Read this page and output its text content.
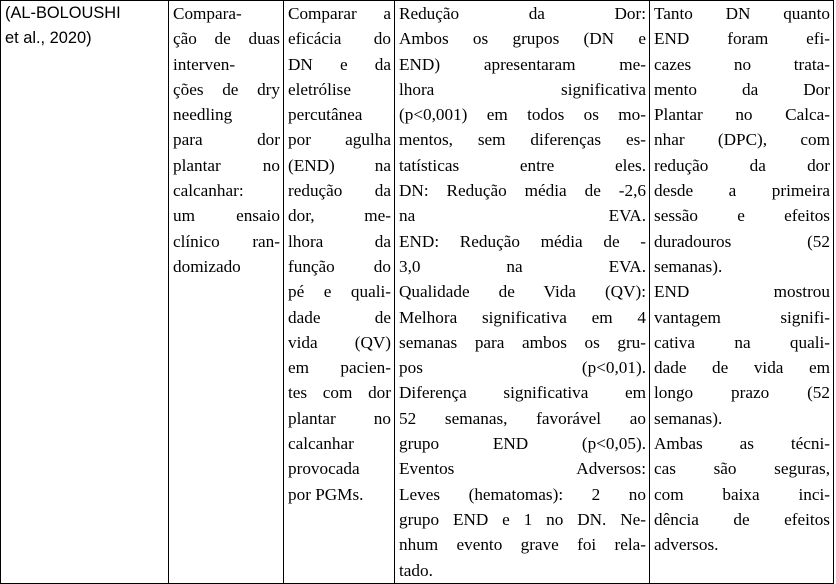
(AL-BOLOUSHI
et al., 2020)

Compara-
ção de duas
interven-
ções de dry
needling
para dor
plantar no
calcanhar:
um ensaio
clínico ran-
domizado

Comparar a
eficácia do
DN e da
eletrólise
percutânea
por agulha
(END) na
redução da
dor, me-
lhora da
função do
pé e quali-
dade de
vida (QV)
em pacien-
tes com dor
plantar no
calcanhar
provocada
por PGMs.

Redução da Dor:
Ambos os grupos (DN e
END) apresentaram me-
lhora significativa
(p<0,001) em todos os mo-
mentos, sem diferenças es-
tatísticas entre eles.
DN: Redução média de -2,6
na EVA.
END: Redução média de -
3,0 na EVA.
Qualidade de Vida (QV):
Melhora significativa em 4
semanas para ambos os gru-
pos (p<0,01).
Diferença significativa em
52 semanas, favorável ao
grupo END (p<0,05).
Eventos Adversos:
Leves (hematomas): 2 no
grupo END e 1 no DN. Ne-
nhum evento grave foi rela-
tado.

Tanto DN quanto
END foram efi-
cazes no trata-
mento da Dor
Plantar no Calca-
nhar (DPC), com
redução da dor
desde a primeira
sessão e efeitos
duradouros (52
semanas).
END mostrou
vantagem signifi-
cativa na quali-
dade de vida em
longo prazo (52
semanas).
Ambas as técni-
cas são seguras,
com baixa inci-
dência de efeitos
adversos.
